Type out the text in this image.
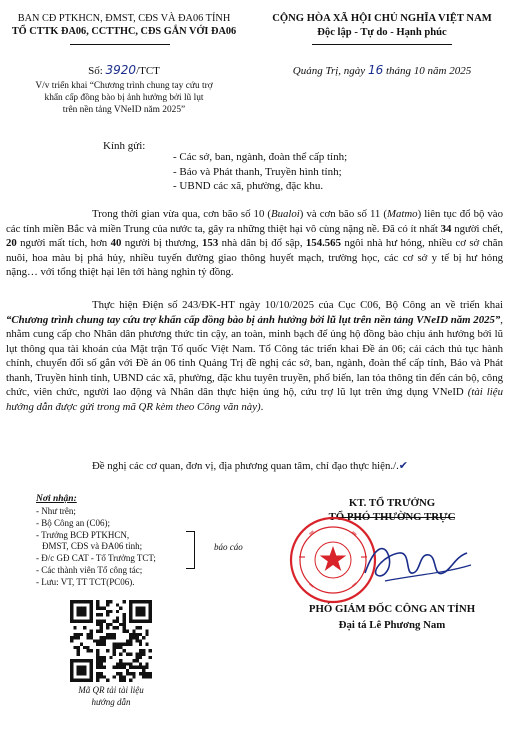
BAN CĐ PTKHCN, ĐMST, CĐS VÀ ĐA06 TỈNH
TỔ CTTK ĐA06, CCTTHC, CĐS GẮN VỚI ĐA06
CỘNG HÒA XÃ HỘI CHỦ NGHĨA VIỆT NAM
Độc lập - Tự do - Hạnh phúc
Số: 3920/TCT	Quảng Trị, ngày 16 tháng 10 năm 2025
V/v triển khai “Chương trình chung tay cứu trợ
khẩn cấp đồng bào bị ảnh hưởng bởi lũ lụt
trên nền tảng VNeID năm 2025”
Kính gửi:
- Các sở, ban, ngành, đoàn thể cấp tỉnh;
- Báo và Phát thanh, Truyền hình tỉnh;
- UBND các xã, phường, đặc khu.
Trong thời gian vừa qua, cơn bão số 10 (Bualoi) và cơn bão số 11 (Matmo) liên tục đổ bộ vào các tỉnh miền Bắc và miền Trung của nước ta, gây ra những thiệt hại vô cùng nặng nề. Đã có ít nhất 34 người chết, 20 người mất tích, hơn 40 người bị thương, 153 nhà dân bị đổ sập, 154.565 ngôi nhà hư hỏng, nhiều cơ sở chăn nuôi, hoa màu bị phá hủy, nhiều tuyến đường giao thông huyết mạch, trường học, các cơ sở y tế bị hư hỏng nặng… với tổng thiệt hại lên tới hàng nghìn tỷ đồng.
Thực hiện Điện số 243/ĐK-HT ngày 10/10/2025 của Cục C06, Bộ Công an về triển khai “Chương trình chung tay cứu trợ khẩn cấp đồng bào bị ảnh hưởng bởi lũ lụt trên nền tảng VNeID năm 2025”, nhằm cung cấp cho Nhân dân phương thức tin cậy, an toàn, minh bạch để ủng hộ đồng bào chịu ảnh hưởng bởi lũ lụt thông qua tài khoản của Mặt trận Tổ quốc Việt Nam. Tổ Công tác triển khai Đề án 06; cải cách thủ tục hành chính, chuyển đổi số gắn với Đề án 06 tỉnh Quảng Trị đề nghị các sở, ban, ngành, đoàn thể cấp tỉnh, Báo và Phát thanh, Truyền hình tỉnh, UBND các xã, phường, đặc khu tuyên truyền, phổ biến, lan tỏa thông tin đến cán bộ, công chức, viên chức, người lao động và Nhân dân thực hiện ủng hộ, cứu trợ lũ lụt trên ứng dụng VNeID (tài liệu hướng dẫn được gửi trong mã QR kèm theo Công văn này).
Đề nghị các cơ quan, đơn vị, địa phương quan tâm, chỉ đạo thực hiện./.✔
Nơi nhận:
- Như trên;
- Bộ Công an (C06);
- Trưởng BCĐ PTKHCN,
ĐMST, CĐS và ĐA06 tỉnh;
- Đ/c GĐ CAT - Tổ Trưởng TCT;
- Các thành viên Tổ công tác;
- Lưu: VT, TT TCT(PC06).
báo cáo
KT. TỔ TRƯỞNG
TỔ PHÓ THƯỜNG TRỰC
PHÓ GIÁM ĐỐC CÔNG AN TỈNH
Đại tá Lê Phương Nam
Mã QR tải tài liệu
hướng dẫn
